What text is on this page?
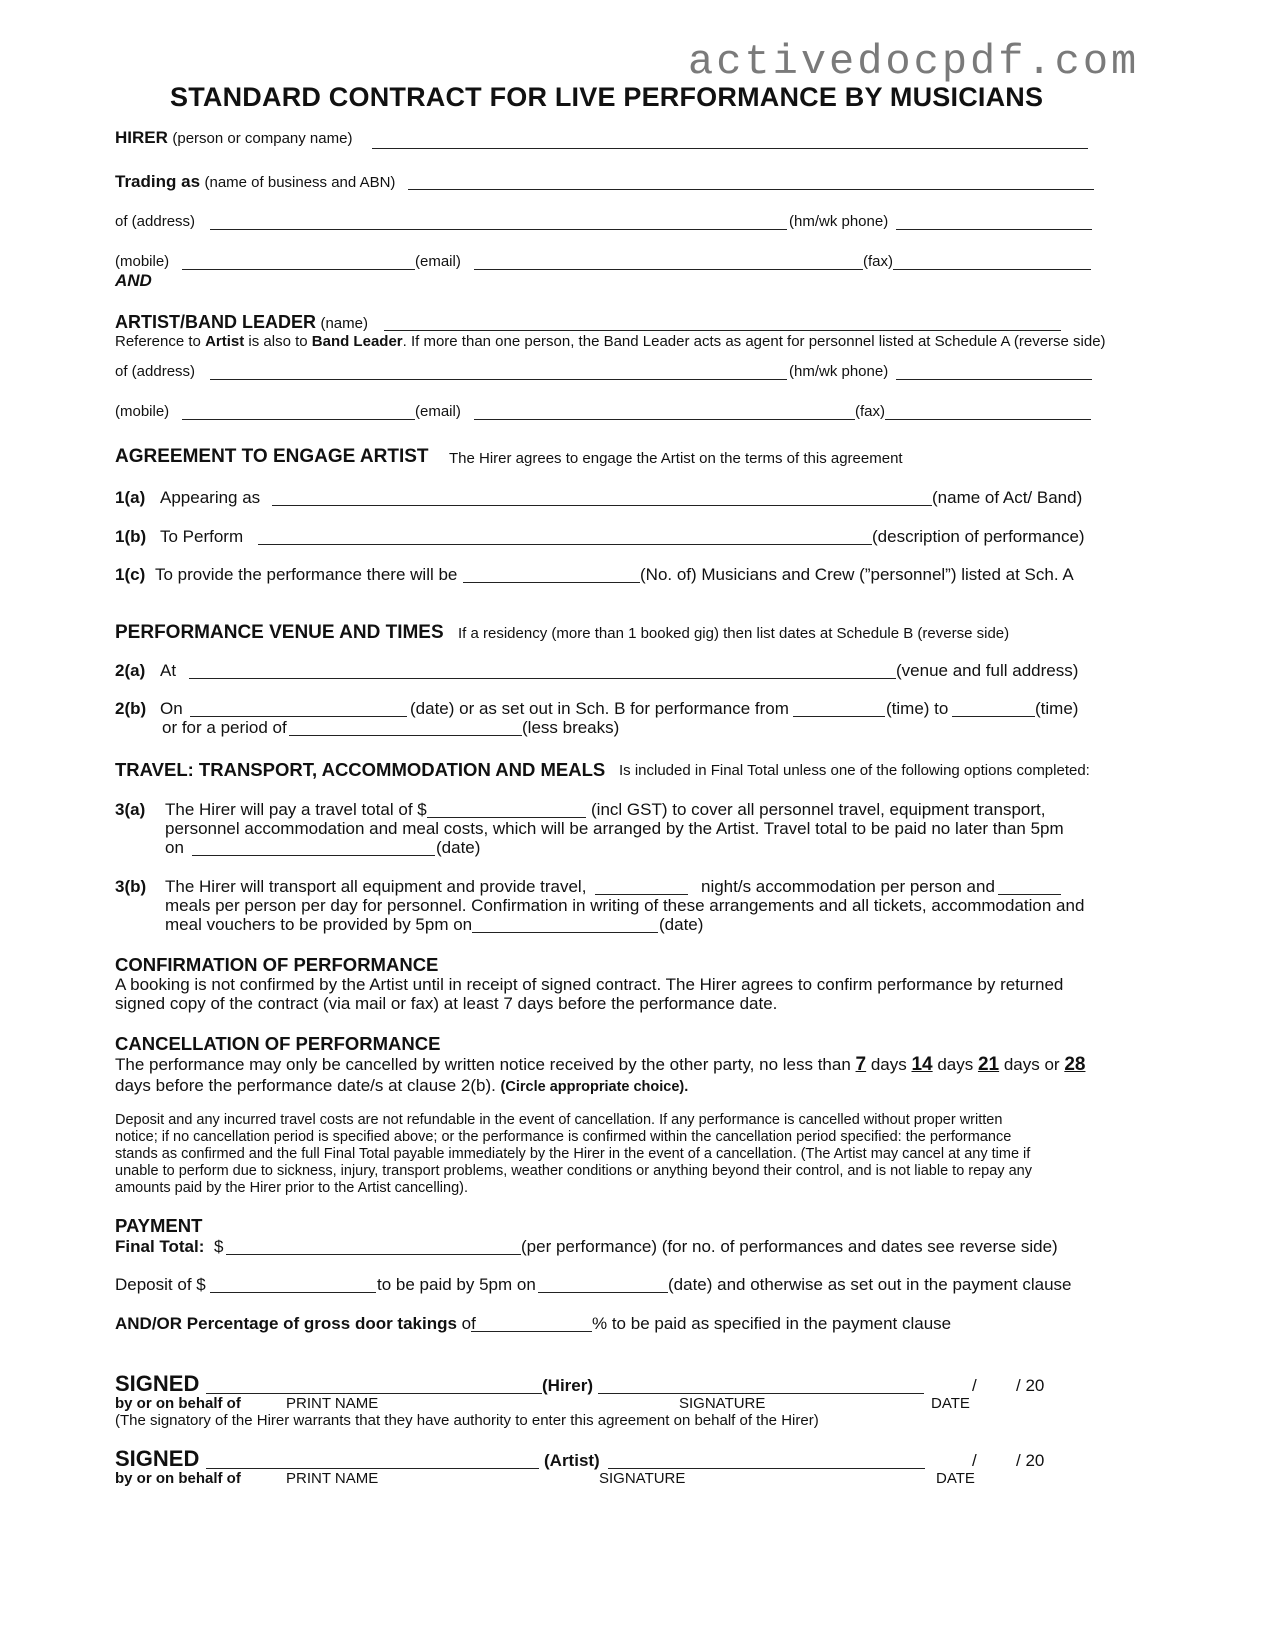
activedocpdf.com
STANDARD CONTRACT FOR LIVE PERFORMANCE BY MUSICIANS
HIRER (person or company name)
Trading as (name of business and ABN)
of (address)	(hm/wk phone)
(mobile)	(email)	(fax)
AND
ARTIST/BAND LEADER (name)
Reference to Artist is also to Band Leader. If more than one person, the Band Leader acts as agent for personnel listed at Schedule A (reverse side)
of (address)	(hm/wk phone)
(mobile)	(email)	(fax)
AGREEMENT TO ENGAGE ARTIST The Hirer agrees to engage the Artist on the terms of this agreement
1(a) Appearing as	(name of Act/ Band)
1(b) To Perform	(description of performance)
1(c) To provide the performance there will be	(No. of) Musicians and Crew (”personnel”) listed at Sch. A
PERFORMANCE VENUE AND TIMES If a residency (more than 1 booked gig) then list dates at Schedule B (reverse side)
2(a) At	(venue and full address)
2(b) On	(date) or as set out in Sch. B for performance from	(time) to	(time)
or for a period of	(less breaks)
TRAVEL: TRANSPORT, ACCOMMODATION AND MEALS Is included in Final Total unless one of the following options completed:
3(a) The Hirer will pay a travel total of $	(incl GST) to cover all personnel travel, equipment transport,
personnel accommodation and meal costs, which will be arranged by the Artist. Travel total to be paid no later than 5pm
on	(date)
3(b) The Hirer will transport all equipment and provide travel,	night/s accommodation per person and
meals per person per day for personnel. Confirmation in writing of these arrangements and all tickets, accommodation and
meal vouchers to be provided by 5pm on	(date)
CONFIRMATION OF PERFORMANCE
A booking is not confirmed by the Artist until in receipt of signed contract. The Hirer agrees to confirm performance by returned
signed copy of the contract (via mail or fax) at least 7 days before the performance date.
CANCELLATION OF PERFORMANCE
The performance may only be cancelled by written notice received by the other party, no less than 7 days 14 days 21 days or 28
days before the performance date/s at clause 2(b). (Circle appropriate choice).
Deposit and any incurred travel costs are not refundable in the event of cancellation. If any performance is cancelled without proper written
notice; if no cancellation period is specified above; or the performance is confirmed within the cancellation period specified: the performance
stands as confirmed and the full Final Total payable immediately by the Hirer in the event of a cancellation. (The Artist may cancel at any time if
unable to perform due to sickness, injury, transport problems, weather conditions or anything beyond their control, and is not liable to repay any
amounts paid by the Hirer prior to the Artist cancelling).
PAYMENT
Final Total: $	(per performance) (for no. of performances and dates see reverse side)
Deposit of $	to be paid by 5pm on	(date) and otherwise as set out in the payment clause
AND/OR Percentage of gross door takings of	% to be paid as specified in the payment clause
SIGNED	(Hirer)	/ / 20
by or on behalf of	PRINT NAME	SIGNATURE	DATE
(The signatory of the Hirer warrants that they have authority to enter this agreement on behalf of the Hirer)
SIGNED	(Artist)	/ / 20
by or on behalf of	PRINT NAME	SIGNATURE	DATE
